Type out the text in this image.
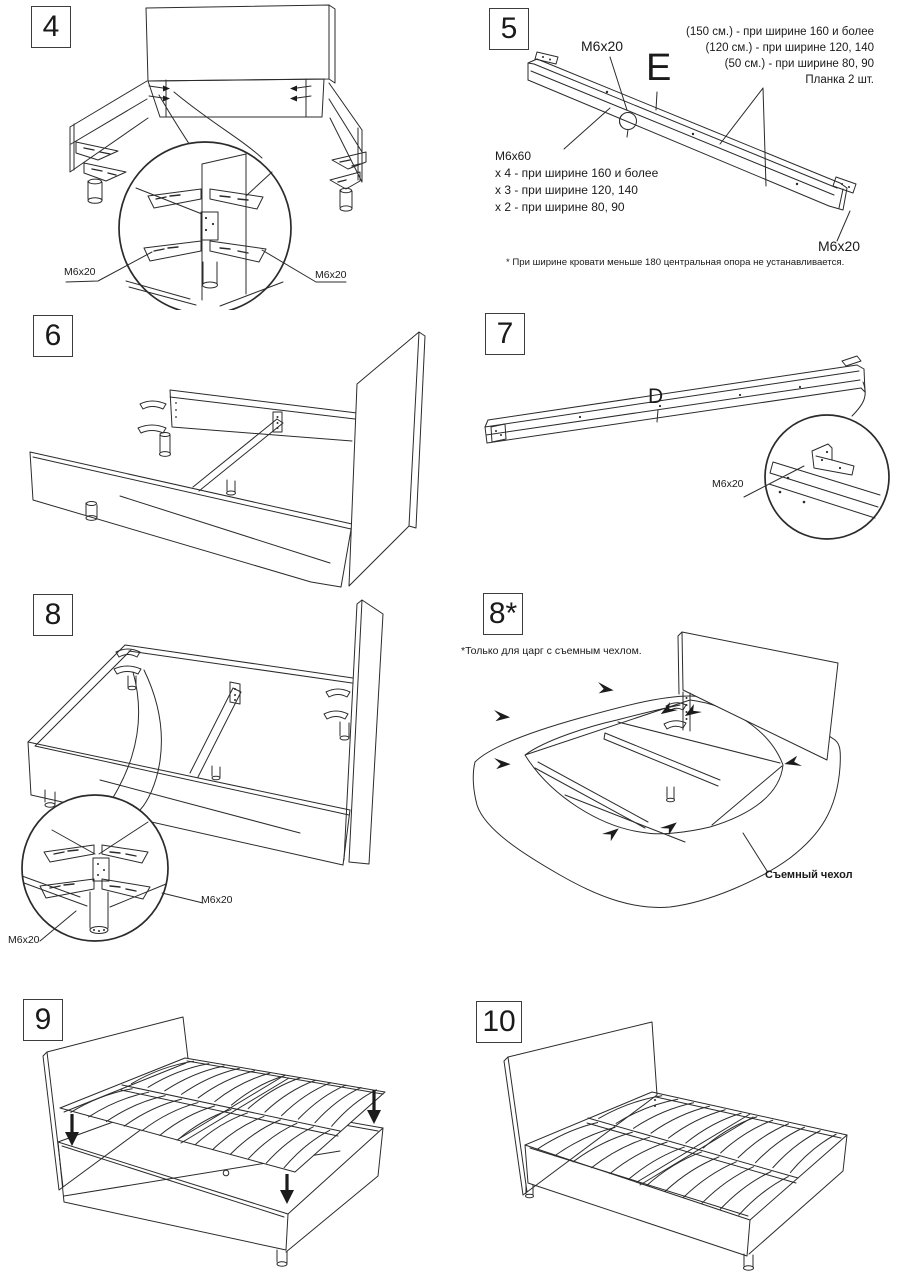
4
M6x20	M6x20
5
M6x20
E
(150 см.) - при ширине 160 и более
(120 см.) - при ширине 120, 140
(50 см.) - при ширине 80, 90
Планка 2 шт.
M6x60
х 4 - при ширине 160 и более
х 3 - при ширине 120, 140
х 2 - при ширине 80, 90
M6x20
* При ширине кровати меньше 180 центральная опора не устанавливается.
6	7
D
M6x20
8
M6x20
M6x20
8*
*Только для царг с съемным чехлом.
Съемный чехол
9	10
